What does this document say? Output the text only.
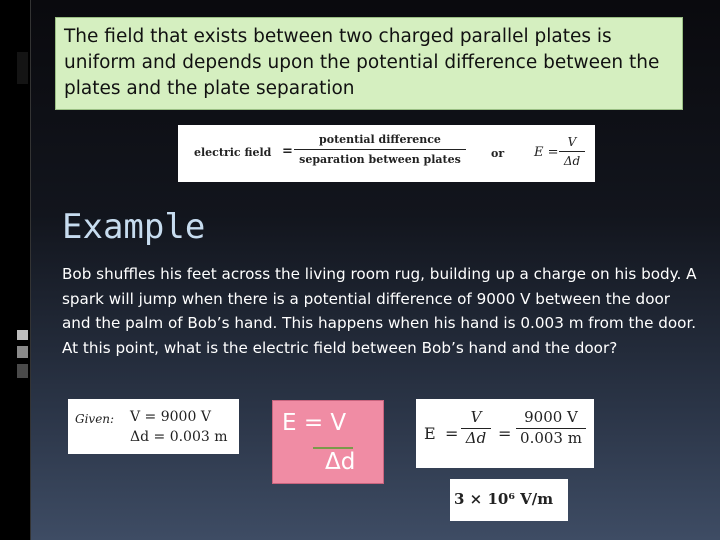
The field that exists between two charged parallel plates is uniform and depends upon the potential difference between the plates and the plate separation
electric field =
potential difference
separation between plates	or $E = \frac{V}{\Delta d}$
Example
Bob shuffles his feet across the living room rug, building up a charge on his body. A spark will jump when there is a potential difference of 9000 V between the door and the palm of Bob’s hand. This happens when his hand is 0.003 m from the door. At this point, what is the electric field between Bob’s hand and the door?
Given: V = 9000 V
Δd = 0.003 m
E = V
Δd
$E = \frac{V}{\Delta d} = \frac{9000 V}{0.003 m}$
3 × 10⁶ V/m
